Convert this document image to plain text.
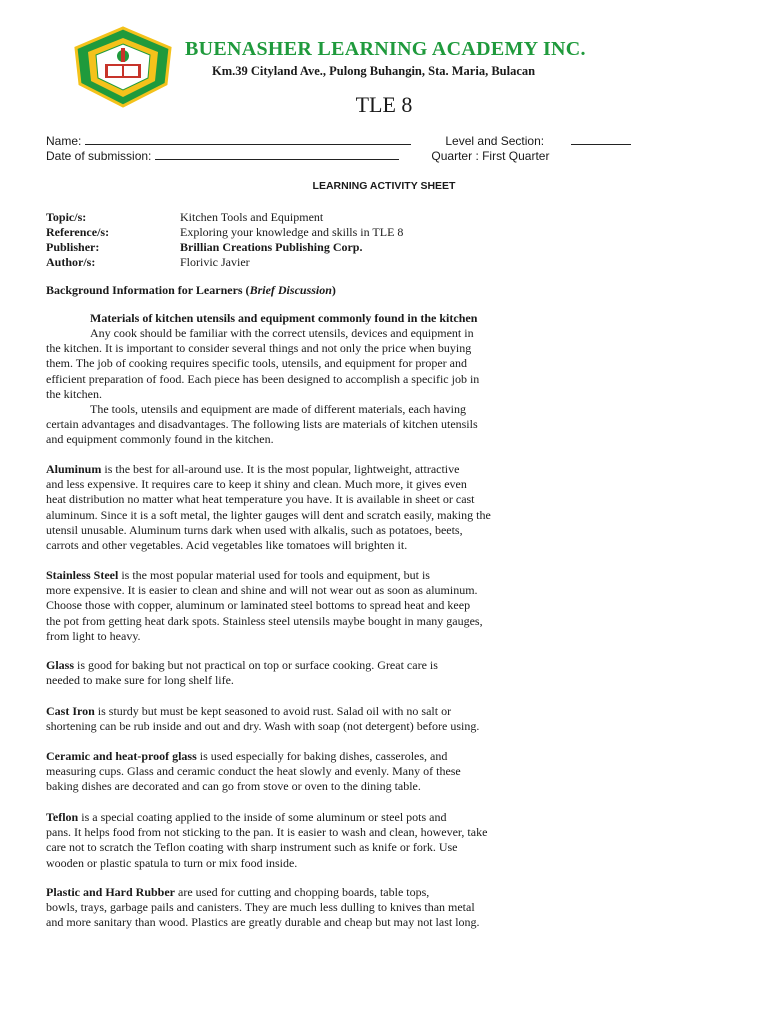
BUENASHER LEARNING ACADEMY INC.
Km.39 Cityland Ave., Pulong Buhangin, Sta. Maria, Bulacan
TLE 8
Name:	Level and Section:
Date of submission:	Quarter : First Quarter
LEARNING ACTIVITY SHEET
Topic/s:	Kitchen Tools and Equipment
Reference/s:	Exploring your knowledge and skills in TLE 8
Publisher:	Brillian Creations Publishing Corp.
Author/s:	Florivic Javier
Background Information for Learners (Brief Discussion)
Materials of kitchen utensils and equipment commonly found in the kitchen
Any cook should be familiar with the correct utensils, devices and equipment in
the kitchen. It is important to consider several things and not only the price when buying
them. The job of cooking requires specific tools, utensils, and equipment for proper and
efficient preparation of food. Each piece has been designed to accomplish a specific job in
the kitchen.
The tools, utensils and equipment are made of different materials, each having
certain advantages and disadvantages. The following lists are materials of kitchen utensils
and equipment commonly found in the kitchen.
Aluminum is the best for all-around use. It is the most popular, lightweight, attractive
and less expensive. It requires care to keep it shiny and clean. Much more, it gives even
heat distribution no matter what heat temperature you have. It is available in sheet or cast
aluminum. Since it is a soft metal, the lighter gauges will dent and scratch easily, making the
utensil unusable. Aluminum turns dark when used with alkalis, such as potatoes, beets,
carrots and other vegetables. Acid vegetables like tomatoes will brighten it.
Stainless Steel is the most popular material used for tools and equipment, but is
more expensive. It is easier to clean and shine and will not wear out as soon as aluminum.
Choose those with copper, aluminum or laminated steel bottoms to spread heat and keep
the pot from getting heat dark spots. Stainless steel utensils maybe bought in many gauges,
from light to heavy.
Glass is good for baking but not practical on top or surface cooking. Great care is
needed to make sure for long shelf life.
Cast Iron is sturdy but must be kept seasoned to avoid rust. Salad oil with no salt or
shortening can be rub inside and out and dry. Wash with soap (not detergent) before using.
Ceramic and heat-proof glass is used especially for baking dishes, casseroles, and
measuring cups. Glass and ceramic conduct the heat slowly and evenly. Many of these
baking dishes are decorated and can go from stove or oven to the dining table.
Teflon is a special coating applied to the inside of some aluminum or steel pots and
pans. It helps food from not sticking to the pan. It is easier to wash and clean, however, take
care not to scratch the Teflon coating with sharp instrument such as knife or fork. Use
wooden or plastic spatula to turn or mix food inside.
Plastic and Hard Rubber are used for cutting and chopping boards, table tops,
bowls, trays, garbage pails and canisters. They are much less dulling to knives than metal
and more sanitary than wood. Plastics are greatly durable and cheap but may not last long.
